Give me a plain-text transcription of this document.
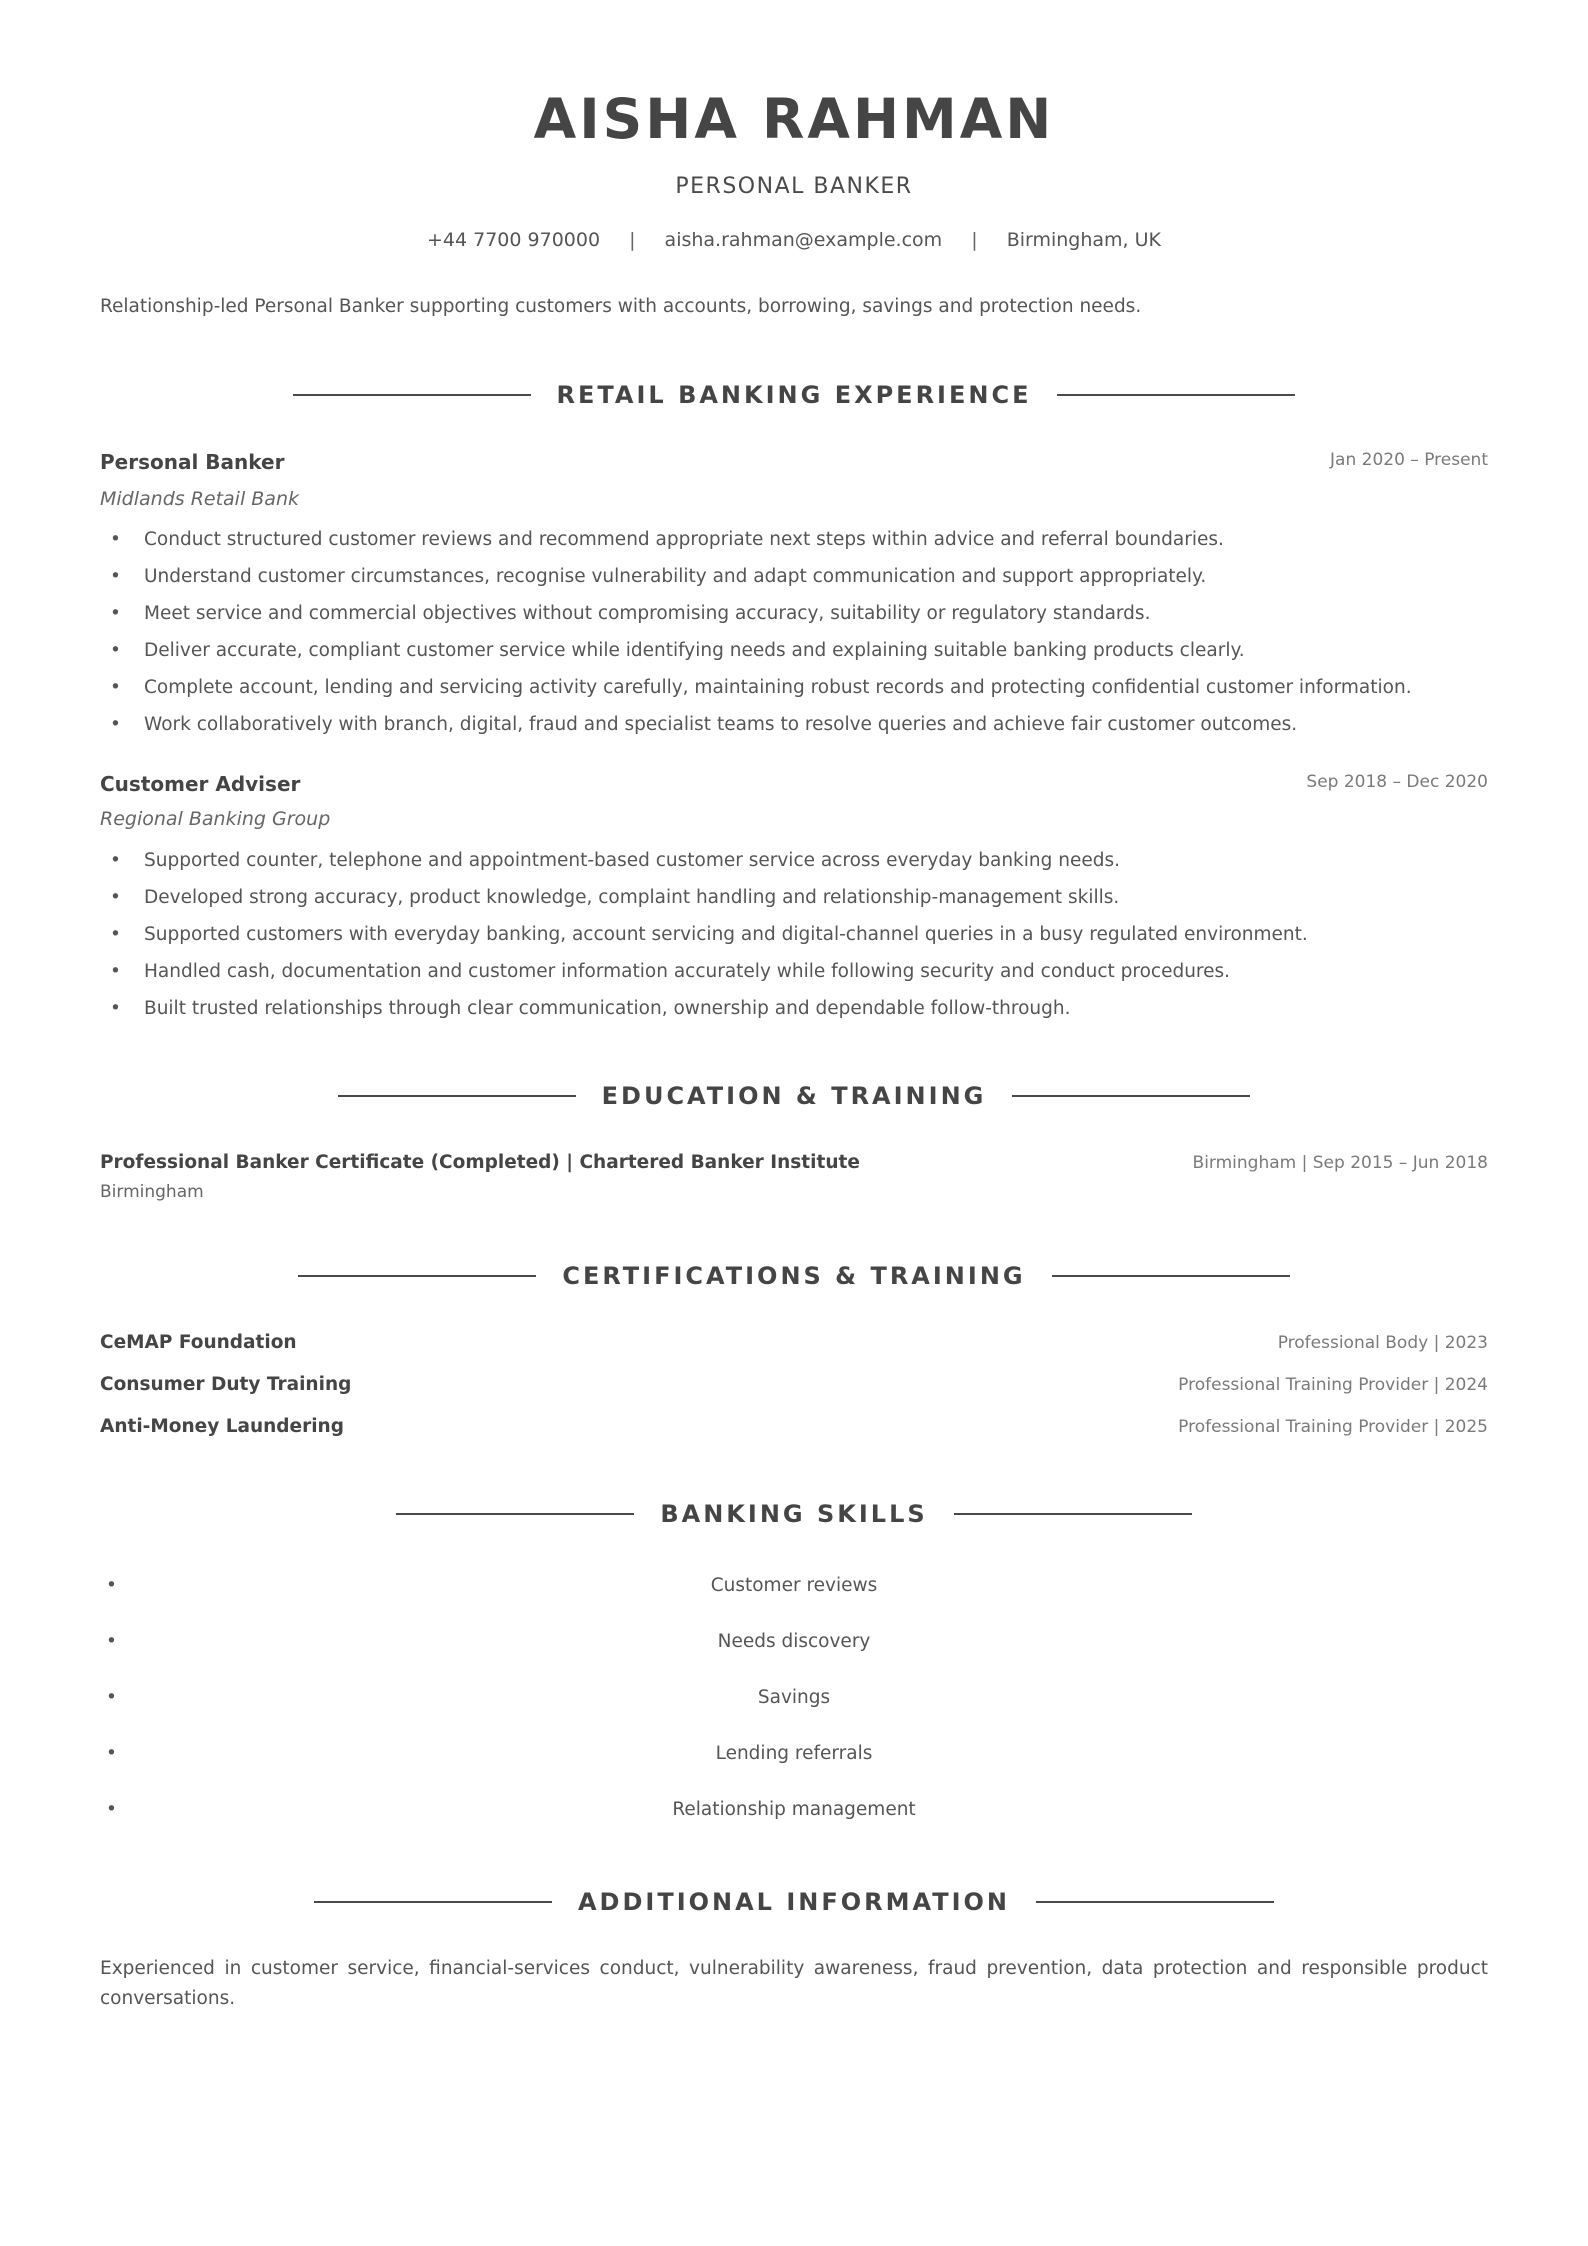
AISHA RAHMAN
PERSONAL BANKER
+44 7700 970000 | aisha.rahman@example.com | Birmingham, UK
Relationship-led Personal Banker supporting customers with accounts, borrowing, savings and protection needs.
RETAIL BANKING EXPERIENCE
Personal Banker	Jan 2020 – Present
Midlands Retail Bank
• Conduct structured customer reviews and recommend appropriate next steps within advice and referral boundaries.
• Understand customer circumstances, recognise vulnerability and adapt communication and support appropriately.
• Meet service and commercial objectives without compromising accuracy, suitability or regulatory standards.
• Deliver accurate, compliant customer service while identifying needs and explaining suitable banking products clearly.
• Complete account, lending and servicing activity carefully, maintaining robust records and protecting confidential customer information.
• Work collaboratively with branch, digital, fraud and specialist teams to resolve queries and achieve fair customer outcomes.
Customer Adviser	Sep 2018 – Dec 2020
Regional Banking Group
• Supported counter, telephone and appointment-based customer service across everyday banking needs.
• Developed strong accuracy, product knowledge, complaint handling and relationship-management skills.
• Supported customers with everyday banking, account servicing and digital-channel queries in a busy regulated environment.
• Handled cash, documentation and customer information accurately while following security and conduct procedures.
• Built trusted relationships through clear communication, ownership and dependable follow-through.
EDUCATION & TRAINING
Professional Banker Certificate (Completed) | Chartered Banker Institute	Birmingham | Sep 2015 – Jun 2018
Birmingham
CERTIFICATIONS & TRAINING
CeMAP Foundation	Professional Body | 2023
Consumer Duty Training	Professional Training Provider | 2024
Anti-Money Laundering	Professional Training Provider | 2025
BANKING SKILLS
• Customer reviews
• Needs discovery
• Savings
• Lending referrals
• Relationship management
ADDITIONAL INFORMATION
Experienced in customer service, financial-services conduct, vulnerability awareness, fraud prevention, data protection and responsible product conversations.
